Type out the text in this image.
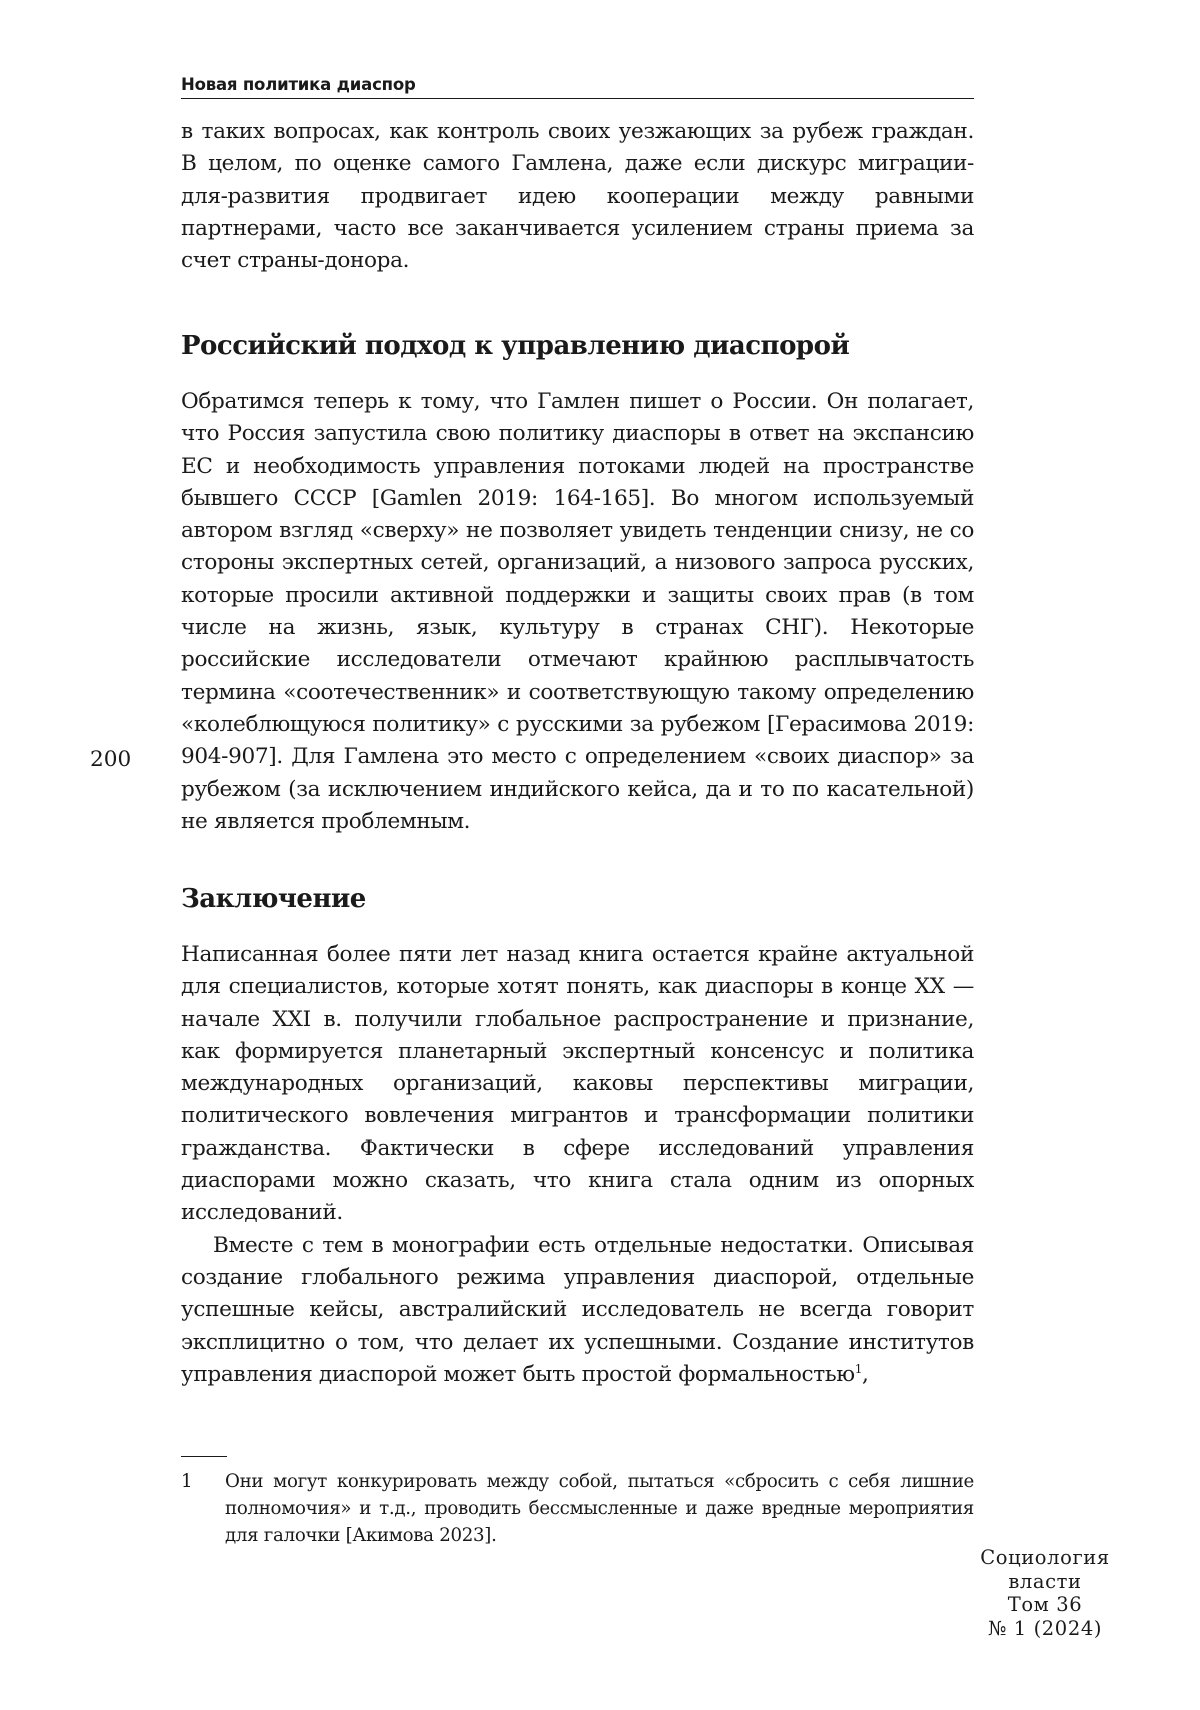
Новая политика диаспор

в таких вопросах, как контроль своих уезжающих за рубеж граждан. В целом, по оценке самого Гамлена, даже если дискурс миграции-для-развития продвигает идею кооперации между равными партнерами, часто все заканчивается усилением страны приема за счет страны-донора.

Российский подход к управлению диаспорой

Обратимся теперь к тому, что Гамлен пишет о России. Он полагает, что Россия запустила свою политику диаспоры в ответ на экспансию ЕС и необходимость управления потоками людей на пространстве бывшего СССР [Gamlen 2019: 164-165]. Во многом используемый автором взгляд «сверху» не позволяет увидеть тенденции снизу, не со стороны экспертных сетей, организаций, а низового запроса русских, которые просили активной поддержки и защиты своих прав (в том числе на жизнь, язык, культуру в странах СНГ). Некоторые российские исследователи отмечают крайнюю расплывчатость термина «соотечественник» и соответствующую такому определению «колеблющуюся политику» с русскими за рубежом [Герасимова 2019: 904-907]. Для Гамлена это место с определением «своих диаспор» за рубежом (за исключением индийского кейса, да и то по касательной) не является проблемным.

200
Заключение

Написанная более пяти лет назад книга остается крайне актуальной для специалистов, которые хотят понять, как диаспоры в конце XX — начале XXI в. получили глобальное распространение и признание, как формируется планетарный экспертный консенсус и политика международных организаций, каковы перспективы миграции, политического вовлечения мигрантов и трансформации политики гражданства. Фактически в сфере исследований управления диаспорами можно сказать, что книга стала одним из опорных исследований.

Вместе с тем в монографии есть отдельные недостатки. Описывая создание глобального режима управления диаспорой, отдельные успешные кейсы, австралийский исследователь не всегда говорит эксплицитно о том, что делает их успешными. Создание институтов управления диаспорой может быть простой формальностью$^1$,

1 Они могут конкурировать между собой, пытаться «сбросить с себя лишние полномочия» и т.д., проводить бессмысленные и даже вредные мероприятия для галочки [Акимова 2023].
Социология
власти
Том 36
№ 1 (2024)
